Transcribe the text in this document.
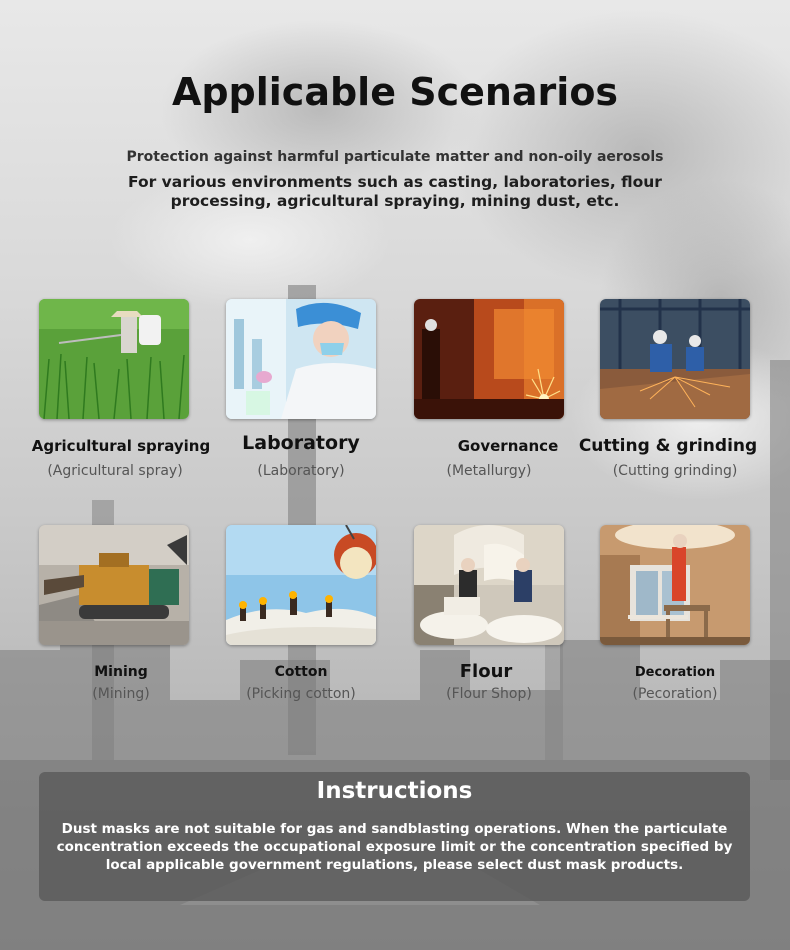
Applicable Scenarios
Protection against harmful particulate matter and non-oily aerosols
For various environments such as casting, laboratories, flour processing, agricultural spraying, mining dust, etc.
Agricultural spraying
(Agricultural spray)
Laboratory
(Laboratory)
Governance
(Metallurgy)
Cutting & grinding
(Cutting grinding)
Mining
(Mining)
Cotton
(Picking cotton)
Flour
(Flour Shop)
Decoration
(Pecoration)
Instructions
Dust masks are not suitable for gas and sandblasting operations. When the particulate concentration exceeds the occupational exposure limit or the concentration specified by local applicable government regulations, please select dust mask products.
